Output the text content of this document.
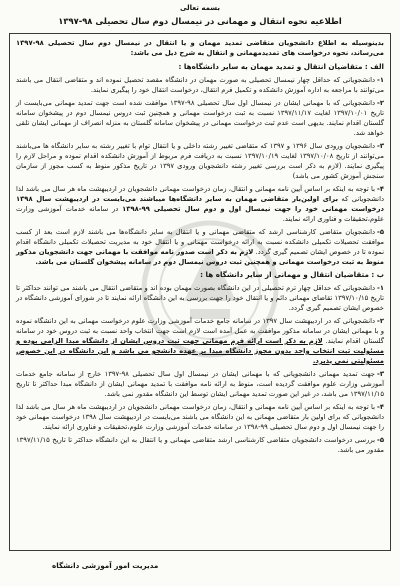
بسمه تعالی
اطلاعیه نحوه انتقال و مهمانی در نیمسال دوم سال تحصیلی ۹۸-۱۳۹۷
بدینوسیله به اطلاع دانشجویان متقاضی تمدید مهمان و یا انتقال در نیمسال دوم سال تحصیلی ۹۸-۱۳۹۷ می‌رساند، نحوه درخواست های تمدیدمهمانی و انتقال به شرح ذیل می باشد:
الف : متقاضیان انتقال و تمدید مهمان به سایر دانشگاه‌ها :
۱-دانشجویانی که حداقل چهار نیمسال تحصیلی به صورت مهمان در دانشگاه مقصد تحصیل نموده اند و متقاضی انتقال می باشند می‌توانند با مراجعه به اداره آموزش دانشکده و تکمیل فرم انتقال، درخواست انتقال خود را پیگیری نمایند.
۲-دانشجویانی که با مهمانی ایشان در نیمسال اول سال تحصیلی ۹۸-۱۳۹۷ موافقت شده است جهت تمدید مهمانی می‌بایست از تاریخ ۱۳۹۷/۱۰/۰۱ لغایت ۱۳۹۷/۱۱/۱۷ نسبت به ثبت درخواست مهمانی و همچنین ثبت دروس نیمسال دوم در پیشخوان سامانه گلستان اقدام نمایند. بدیهی است عدم ثبت درخواست مهمانی در پیشخوان سامانه گلستان به منزله انصراف از مهمانی ایشان تلقی خواهد شد.
۳-دانشجویان ورودی سال ۱۳۹۶ و ۱۳۹۷ که متقاضی تغییر رشته داخلی و یا انتقال توام با تغییر رشته به سایر دانشگاه ها می‌باشند می‌توانند از تاریخ ۱۳۹۷/۱۰/۰۸ لغایت ۱۳۹۷/۱۰/۱۹ نسبت به دریافت فرم مربوط از آموزش دانشکده اقدام نموده و مراحل لازم را پیگیری نمایند. (لازم به ذکر است بررسی تغییر رشته دانشجویان ورودی ۱۳۹۷ در تاریخ مذکور منوط به کسب مجوز از سازمان سنجش آموزش کشور می باشد)
۴-با توجه به اینکه بر اساس آیین نامه مهمانی و انتقال، زمان درخواست مهمانی دانشجویان در اردیبهشت ماه هر سال می باشد لذا دانشجویانی که برای اولین‌بار متقاضی مهمان به سایر دانشگاه‌ها میباشند می‌بایست در اردیبهشت سال ۱۳۹۸ درخواست مهمانی خود را جهت نیمسال اول و دوم سال تحصیلی ۹۹-۱۳۹۸ در سامانه خدمات آموزشی وزارت علوم،تحقیقات و فناوری ارائه نمایند.
۵-دانشجویان متقاضی کارشناسی ارشد که متقاضی مهمانی و یا انتقال به سایر دانشگاه‌ها می باشند لازم است بعد از کسب موافقت تحصیلات تکمیلی دانشکده نسبت به ارائه درخواست مهمانی و یا انتقال خود به مدیریت تحصیلات تکمیلی دانشگاه اقدام نموده تا در خصوص ایشان تصمیم گیری گردد. لازم به ذکر است صدور نامه موافقت با مهمانی جهت دانشجویان مذکور منوط به ثبت درخواست مهمانی و همچنین ثبت دروس نیمسال دوم در سامانه پیشخوان گلستان می باشد.
ب : متقاضیان انتقال و مهمانی از سایر دانشگاه ها :
۱-دانشجویانی که حداقل چهار ترم تحصیلی در این دانشگاه بصورت مهمان بوده اند و متقاضی انتقال می باشند می توانند حداکثر تا تاریخ ۱۳۹۷/۱۰/۱۵ تقاضای مهمانی دائم و یا انتقال خود را جهت بررسی به این دانشگاه ارائه نمایند تا در شورای آموزشی دانشگاه در خصوص ایشان تصمیم گیری گردد.
۲-دانشجویانی که در اردیبهشت سال ۱۳۹۷ در سامانه جامع خدمات آموزشی وزارت علوم درخواست مهمانی به این دانشگاه نموده و با مهمانی ایشان در سامانه مذکور موافقت به عمل آمده است لازم است جهت انتخاب واحد نسبت به ثبت دروس خود در سامانه گلستان اقدام نمایند. لازم به ذکر است ارائه فرم مهمانی جهت ثبت دروس ایشان از دانشگاه مبدا الزامی بوده و مسئولیت ثبت انتخاب واحد بدون مجوز دانشگاه مبدا بر عهده دانشجو می باشد و این دانشگاه در این خصوص مسئولیتی نمی پذیرد.
۳-جهت تمدید مهمانی دانشجویانی که با مهمانی ایشان در نیمسال اول سال تحصیلی ۹۸-۱۳۹۷ خارج از سامانه جامع خدمات آموزشی وزارت علوم موافقت گردیده است، منوط به ارائه نامه موافقت با تمدید مهمانی ایشان از دانشگاه مبدا حداکثر تا تاریخ ۱۳۹۷/۱۱/۱۵ می باشد، در غیر این صورت تمدید مهمانی ایشان توسط این دانشگاه مقدور نمی باشد.
۴-با توجه به اینکه بر اساس آیین نامه مهمانی و انتقال، زمان درخواست مهمانی دانشجویان در اردیبهشت ماه هر سال می باشد لذا دانشجویانی که برای اولین بار متقاضی مهمانی به این دانشگاه می باشند می‌بایست در اردیبهشت سال ۱۳۹۸ درخواست مهمانی خود را جهت نیمسال اول و دوم سال تحصیلی ۹۹-۱۳۹۸ در سامانه خدمات آموزشی وزارت علوم،تحقیقات و فناوری ارائه نمایند.
۵-بررسی درخواست دانشجویان متقاضی کارشناسی ارشد متقاضی مهمانی و یا انتقال به این دانشگاه حداکثر تا تاریخ ۱۳۹۷/۱۱/۱۵ مقدور می باشد.
مدیریت امور آموزشی دانشگاه
